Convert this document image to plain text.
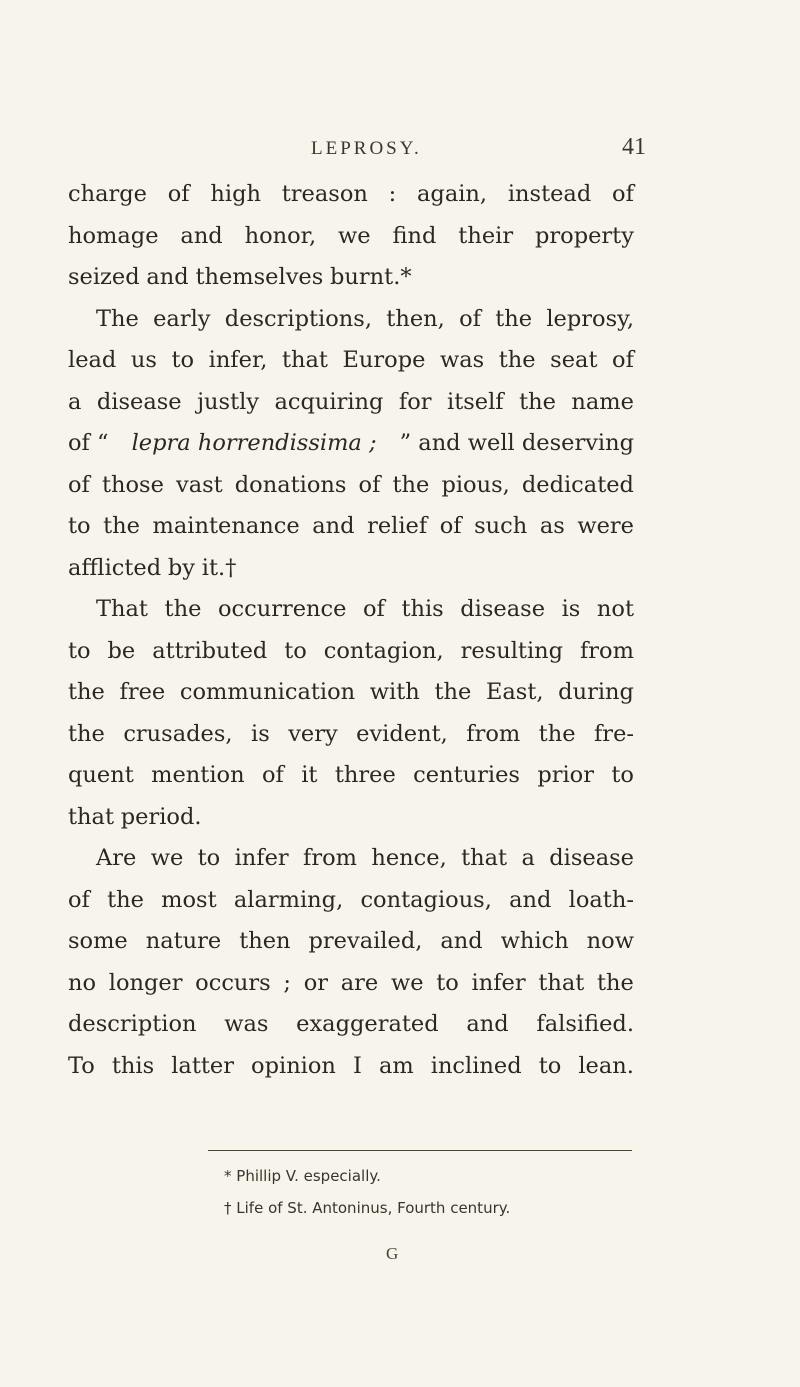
LEPROSY.	41
charge of high treason : again, instead of
homage and honor, we find their property
seized and themselves burnt.*
The early descriptions, then, of the leprosy,
lead us to infer, that Europe was the seat of
a disease justly acquiring for itself the name
of “ lepra horrendissima ; ” and well deserving
of those vast donations of the pious, dedicated
to the maintenance and relief of such as were
afflicted by it.†
That the occurrence of this disease is not
to be attributed to contagion, resulting from
the free communication with the East, during
the crusades, is very evident, from the fre-
quent mention of it three centuries prior to
that period.
Are we to infer from hence, that a disease
of the most alarming, contagious, and loath-
some nature then prevailed, and which now
no longer occurs ; or are we to infer that the
description was exaggerated and falsified.
To this latter opinion I am inclined to lean.
* Phillip V. especially.
† Life of St. Antoninus, Fourth century.
G
